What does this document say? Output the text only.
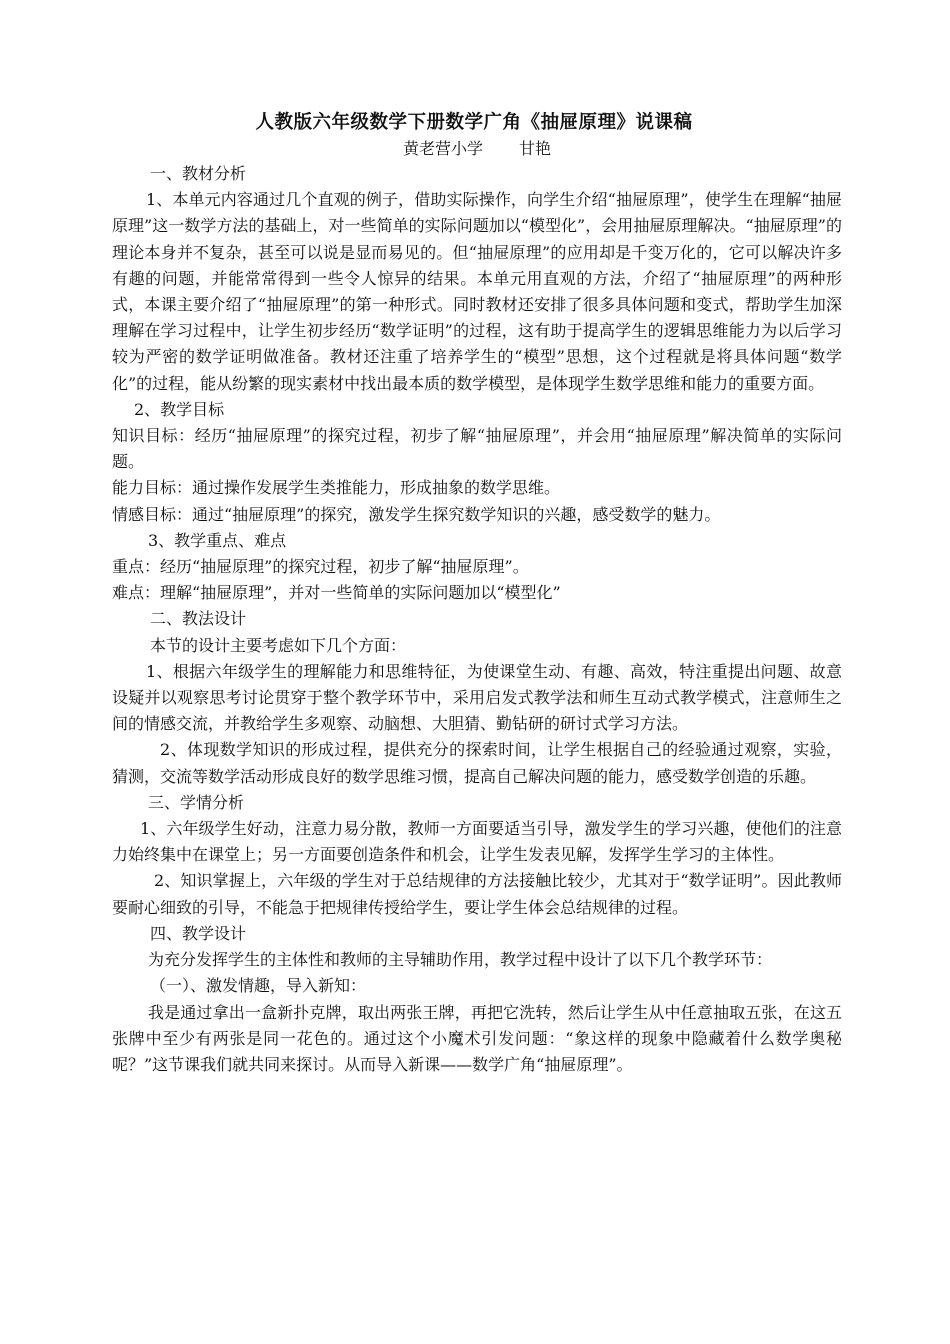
人教版六年级数学下册数学广角《抽屉原理》说课稿
黄老营小学 甘艳

一、教材分析

1、本单元内容通过几个直观的例子，借助实际操作，向学生介绍“抽屉原理”，使学生在理解“抽屉原理”这一数学方法的基础上，对一些简单的实际问题加以“模型化”，会用抽屉原理解决。“抽屉原理”的理论本身并不复杂，甚至可以说是显而易见的。但“抽屉原理”的应用却是千变万化的，它可以解决许多有趣的问题，并能常常得到一些令人惊异的结果。本单元用直观的方法，介绍了“抽屉原理”的两种形式，本课主要介绍了“抽屉原理”的第一种形式。同时教材还安排了很多具体问题和变式，帮助学生加深理解在学习过程中，让学生初步经历“数学证明”的过程，这有助于提高学生的逻辑思维能力为以后学习较为严密的数学证明做准备。教材还注重了培养学生的“模型”思想，这个过程就是将具体问题“数学化”的过程，能从纷繁的现实素材中找出最本质的数学模型，是体现学生数学思维和能力的重要方面。

2、教学目标

知识目标：经历“抽屉原理”的探究过程，初步了解“抽屉原理”，并会用“抽屉原理”解决简单的实际问题。

能力目标：通过操作发展学生类推能力，形成抽象的数学思维。

情感目标：通过“抽屉原理”的探究，激发学生探究数学知识的兴趣，感受数学的魅力。

3、教学重点、难点

重点：经历“抽屉原理”的探究过程，初步了解“抽屉原理”。

难点：理解“抽屉原理”，并对一些简单的实际问题加以“模型化”

二、教法设计

本节的设计主要考虑如下几个方面：

1、根据六年级学生的理解能力和思维特征，为使课堂生动、有趣、高效，特注重提出问题、故意设疑并以观察思考讨论贯穿于整个教学环节中，采用启发式教学法和师生互动式教学模式，注意师生之间的情感交流，并教给学生多观察、动脑想、大胆猜、勤钻研的研讨式学习方法。

2、体现数学知识的形成过程，提供充分的探索时间，让学生根据自己的经验通过观察，实验，猜测，交流等数学活动形成良好的数学思维习惯，提高自己解决问题的能力，感受数学创造的乐趣。

三、学情分析

1、六年级学生好动，注意力易分散，教师一方面要适当引导，激发学生的学习兴趣，使他们的注意力始终集中在课堂上；另一方面要创造条件和机会，让学生发表见解，发挥学生学习的主体性。

2、知识掌握上，六年级的学生对于总结规律的方法接触比较少，尤其对于“数学证明”。因此教师要耐心细致的引导，不能急于把规律传授给学生，要让学生体会总结规律的过程。

四、教学设计

为充分发挥学生的主体性和教师的主导辅助作用，教学过程中设计了以下几个教学环节：

（一）、激发情趣，导入新知：

我是通过拿出一盒新扑克牌，取出两张王牌，再把它洗转，然后让学生从中任意抽取五张，在这五张牌中至少有两张是同一花色的。通过这个小魔术引发问题：“象这样的现象中隐藏着什么数学奥秘呢？”这节课我们就共同来探讨。从而导入新课——数学广角“抽屉原理”。
